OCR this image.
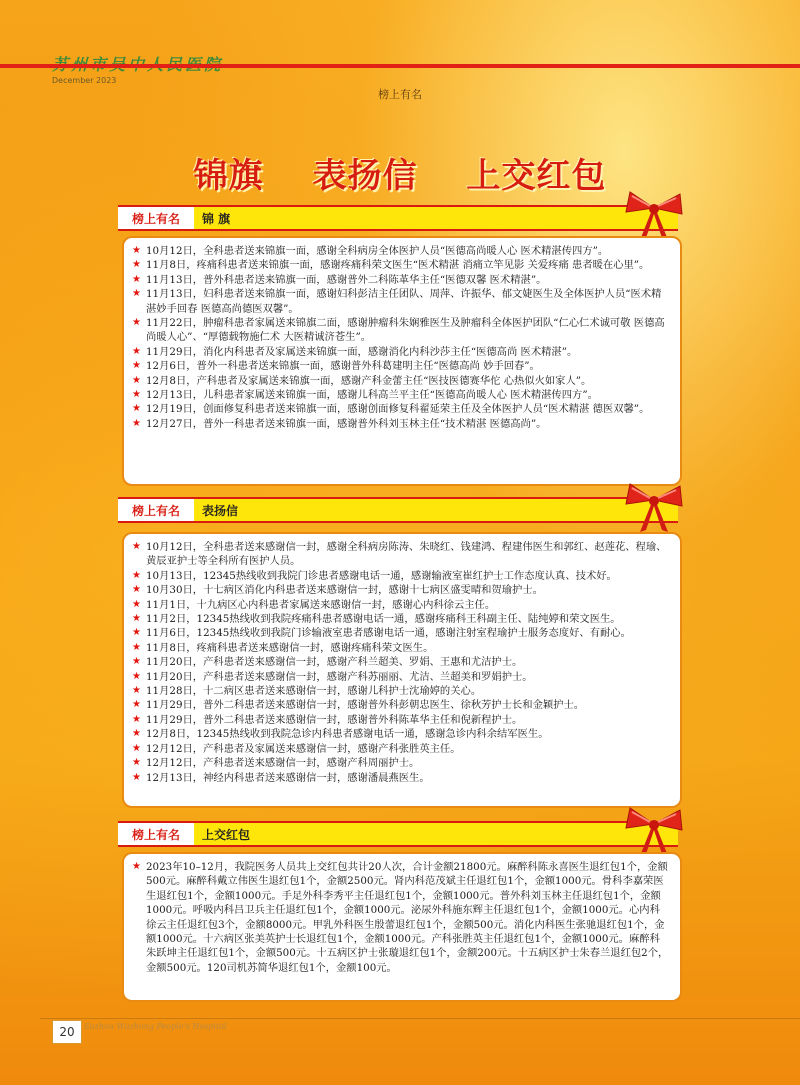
December 2023
榜上有名
锦旗 表扬信 上交红包
榜上有名	锦 旗
★ 10月12日，全科患者送来锦旗一面，感谢全科病房全体医护人员“医德高尚暖人心 医术精湛传四方”。
★ 11月8日，疼痛科患者送来锦旗一面，感谢疼痛科荣文医生“医术精湛 消痛立竿见影 关爱疼痛 患者暖在心里”。
★ 11月13日，普外科患者送来锦旗一面，感谢普外二科陈革华主任“医德双馨 医术精湛”。
★ 11月13日，妇科患者送来锦旗一面，感谢妇科彭洁主任团队、周萍、许振华、郁文婕医生及全体医护人员“医术精湛妙手回春 医德高尚德医双馨”。
★ 11月22日，肿瘤科患者家属送来锦旗二面，感谢肿瘤科朱娴雅医生及肿瘤科全体医护团队“仁心仁术诚可敬 医德高尚暖人心”、“厚德载物施仁术 大医精诚济苍生”。
★ 11月29日，消化内科患者及家属送来锦旗一面，感谢消化内科沙莎主任“医德高尚 医术精湛”。
★ 12月6日，普外一科患者送来锦旗一面，感谢普外科葛建明主任“医德高尚 妙手回春”。
★ 12月8日，产科患者及家属送来锦旗一面，感谢产科金蕾主任“医技医德赛华佗 心热似火如家人”。
★ 12月13日，儿科患者家属送来锦旗一面，感谢儿科高兰平主任“医德高尚暖人心 医术精湛传四方”。
★ 12月19日，创面修复科患者送来锦旗一面，感谢创面修复科翟延荣主任及全体医护人员“医术精湛 德医双馨”。
★ 12月27日，普外一科患者送来锦旗一面，感谢普外科刘玉林主任“技术精湛 医德高尚”。
榜上有名	表扬信
★ 10月12日，全科患者送来感谢信一封，感谢全科病房陈涛、朱晓红、钱建鸿、程建伟医生和郭红、赵莲花、程瑜、黄辰亚护士等全科所有医护人员。
★ 10月13日，12345热线收到我院门诊患者感谢电话一通，感谢输液室崔红护士工作态度认真、技术好。
★ 10月30日，十七病区消化内科患者送来感谢信一封，感谢十七病区盛雯晴和贺瑜护士。
★ 11月1日，十九病区心内科患者家属送来感谢信一封，感谢心内科徐云主任。
★ 11月2日，12345热线收到我院疼痛科患者感谢电话一通，感谢疼痛科王科副主任、陆纯婷和荣文医生。
★ 11月6日，12345热线收到我院门诊输液室患者感谢电话一通，感谢注射室程瑜护士服务态度好、有耐心。
★ 11月8日，疼痛科患者送来感谢信一封，感谢疼痛科荣文医生。
★ 11月20日，产科患者送来感谢信一封，感谢产科兰超美、罗娟、王惠和尤洁护士。
★ 11月20日，产科患者送来感谢信一封，感谢产科苏丽丽、尤洁、兰超美和罗娟护士。
★ 11月28日，十二病区患者送来感谢信一封，感谢儿科护士沈瑜婷的关心。
★ 11月29日，普外二科患者送来感谢信一封，感谢普外科彭朝忠医生、徐秋芳护士长和金颖护士。
★ 11月29日，普外二科患者送来感谢信一封，感谢普外科陈革华主任和倪新程护士。
★ 12月8日，12345热线收到我院急诊内科患者感谢电话一通，感谢急诊内科余结军医生。
★ 12月12日，产科患者及家属送来感谢信一封，感谢产科张胜英主任。
★ 12月12日，产科患者送来感谢信一封，感谢产科周丽护士。
★ 12月13日，神经内科患者送来感谢信一封，感谢潘晨燕医生。
榜上有名	上交红包
★ 2023年10–12月，我院医务人员共上交红包共计20人次，合计金额21800元。麻醉科陈永喜医生退红包1个，金额500元。麻醉科戴立伟医生退红包1个，金额2500元。肾内科范茂斌主任退红包1个，金额1000元。骨科李嘉荣医生退红包1个，金额1000元。手足外科李秀平主任退红包1个，金额1000元。普外科刘玉林主任退红包1个，金额1000元。呼吸内科吕卫兵主任退红包1个，金额1000元。泌尿外科施东辉主任退红包1个，金额1000元。心内科徐云主任退红包3个，金额8000元。甲乳外科医生殷蕾退红包1个，金额500元。消化内科医生张驰退红包1个，金额1000元。十六病区张美英护士长退红包1个，金额1000元。产科张胜英主任退红包1个，金额1000元。麻醉科朱跃坤主任退红包1个，金额500元。十五病区护士张璇退红包1个，金额200元。十五病区护士朱春兰退红包2个，金额500元。120司机苏简华退红包1个，金额100元。
20	Suzhou Wuzhong People's Hospital
